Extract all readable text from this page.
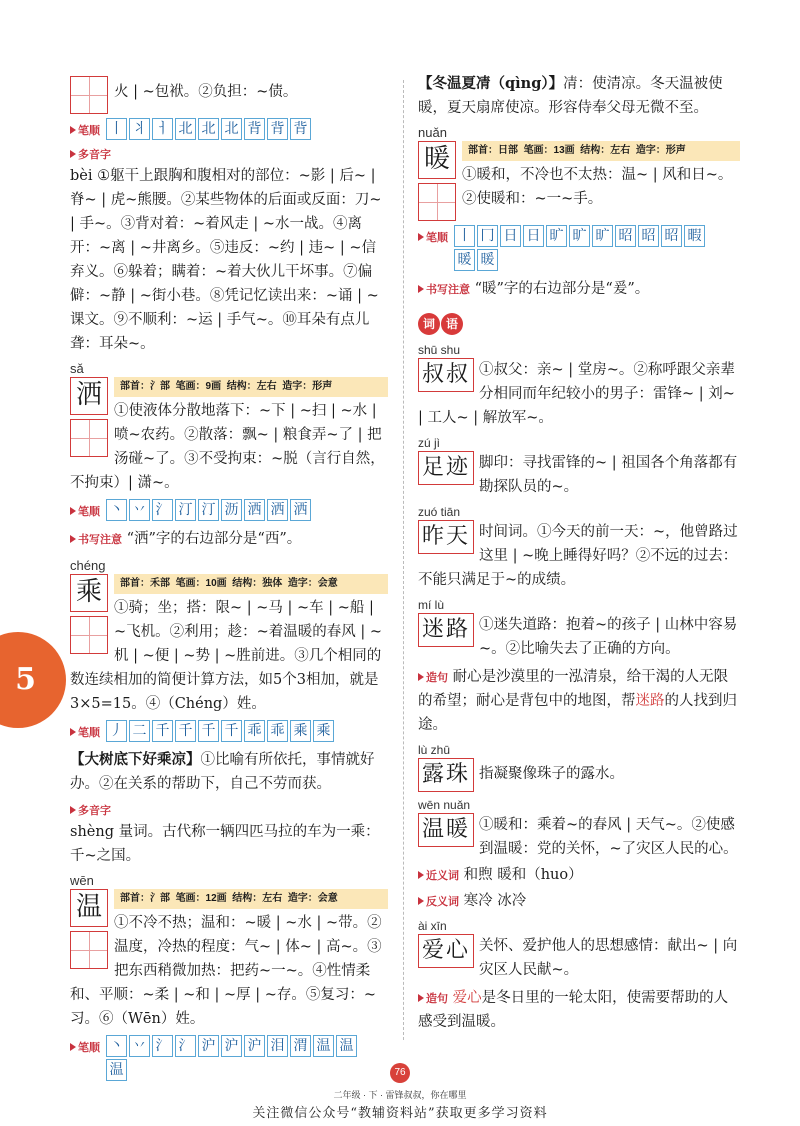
5
火 | ~包袱。②负担：~债。
笔顺 丨 丬 ㅓ 北 北 北 背 背 背
多音字
bèi ①躯干上跟胸和腹相对的部位：~影 | 后~ | 脊~ | 虎~熊腰。②某些物体的后面或反面：刀~ | 手~。③背对着：~着风走 | ~水一战。④离开：~离 | ~井离乡。⑤违反：~约 | 违~ | ~信弃义。⑥躲着；瞒着：~着大伙儿干坏事。⑦偏僻：~静 | ~街小巷。⑧凭记忆读出来：~诵 | ~课文。⑨不顺利：~运 | 手气~。⑩耳朵有点儿聋：耳朵~。
sǎ
洒	部首：氵部 笔画：9画 结构：左右 造字：形声
①使液体分散地落下：~下 | ~扫 | ~水 | 喷~农药。②散落：飘~ | 粮食弄~了 | 把汤碰~了。③不受拘束：~脱（言行自然，不拘束）| 潇~。
笔顺 丶 丷 氵 汀 汀 沥 洒 洒 洒
书写注意 “洒”字的右边部分是“西”。
chéng
乘	部首：禾部 笔画：10画 结构：独体 造字：会意
①骑；坐；搭：限~ | ~马 | ~车 | ~船 | ~飞机。②利用；趁：~着温暖的春风 | ~机 | ~便 | ~势 | ~胜前进。③几个相同的数连续相加的简便计算方法，如5个3相加，就是3×5=15。④（Chéng）姓。
笔顺 丿 二 千 千 千 千 乖 乖 乘 乘
【大树底下好乘凉】①比喻有所依托，事情就好办。②在关系的帮助下，自己不劳而获。
多音字
shèng 量词。古代称一辆四匹马拉的车为一乘：千~之国。
wēn
温	部首：氵部 笔画：12画 结构：左右 造字：会意
①不冷不热；温和：~暖 | ~水 | ~带。②温度，冷热的程度：气~ | 体~ | 高~。③把东西稍微加热：把药~一~。④性情柔和、平顺：~柔 | ~和 | ~厚 | ~存。⑤复习：~习。⑥（Wēn）姓。
笔顺 丶 丷 氵 氵 沪 沪 沪 泪 渭 温 温
温
【冬温夏凊（qìng）】凊：使清凉。冬天温被使暖，夏天扇席使凉。形容侍奉父母无微不至。
nuǎn
暖	部首：日部 笔画：13画 结构：左右 造字：形声
①暖和，不冷也不太热：温~ | 风和日~。②使暖和：~一~手。
笔顺 丨 冂 日 日 旷 旷 旷 昭 昭 昭 暇
暖 暖
书写注意 “暖”字的右边部分是“爰”。
词 语
shū shu
叔叔 ①叔父：亲~ | 堂房~。②称呼跟父亲辈分相同而年纪较小的男子：雷锋~ | 刘~ | 工人~ | 解放军~。
zú jì
足迹 脚印：寻找雷锋的~ | 祖国各个角落都有勘探队员的~。
zuó tiān
昨天 时间词。①今天的前一天：~，他曾路过这里 | ~晚上睡得好吗？②不远的过去：不能只满足于~的成绩。
mí lù
迷路 ①迷失道路：抱着~的孩子 | 山林中容易~。②比喻失去了正确的方向。
造句 耐心是沙漠里的一泓清泉，给干渴的人无限的希望；耐心是背包中的地图，帮迷路的人找到归途。
lù zhū
露珠 指凝聚像珠子的露水。
wēn nuǎn
温暖 ①暖和：乘着~的春风 | 天气~。②使感到温暖：党的关怀，~了灾区人民的心。
近义词 和煦 暖和（huo）
反义词 寒冷 冰冷
ài xīn
爱心 关怀、爱护他人的思想感情：献出~ | 向灾区人民献~。
造句 爱心是冬日里的一轮太阳，使需要帮助的人感受到温暖。
76
二年级 · 下 · 雷锋叔叔，你在哪里
关注微信公众号“教辅资料站”获取更多学习资料
